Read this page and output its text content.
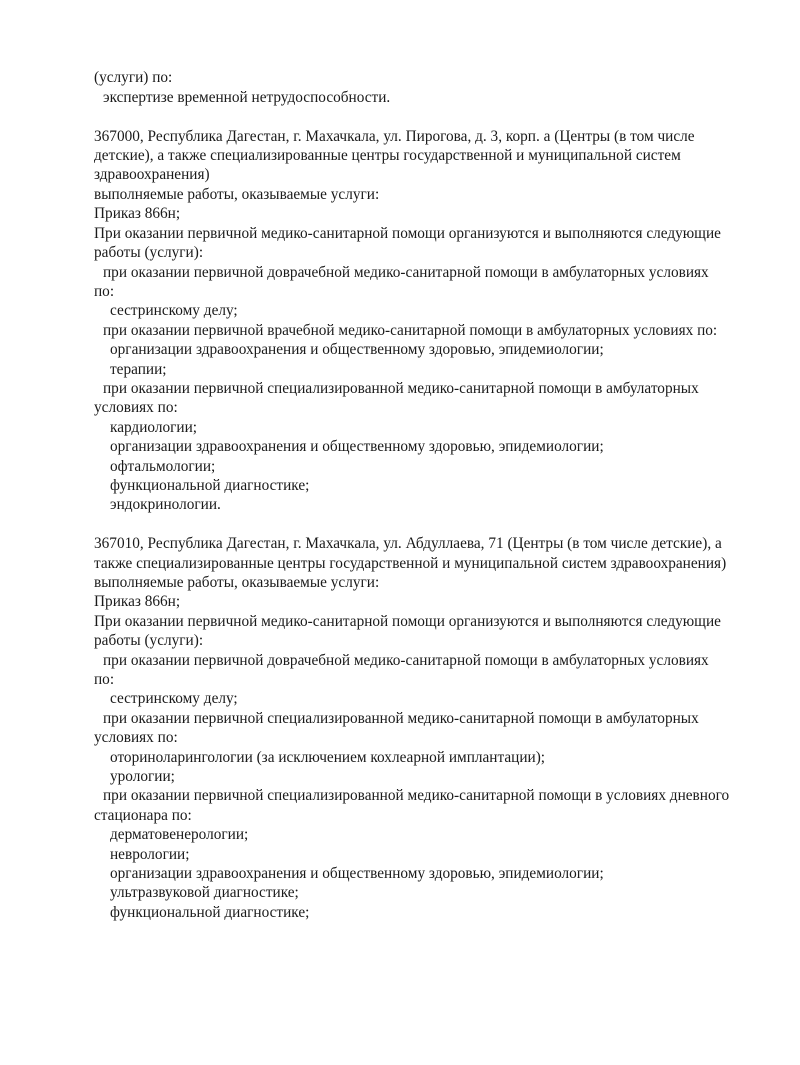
(услуги) по:
экспертизе временной нетрудоспособности.
367000, Республика Дагестан, г. Махачкала, ул. Пирогова, д. 3, корп. а (Центры (в том числе
детские), а также специализированные центры государственной и муниципальной систем
здравоохранения)
выполняемые работы, оказываемые услуги:
Приказ 866н;
При оказании первичной медико-санитарной помощи организуются и выполняются следующие
работы (услуги):
при оказании первичной доврачебной медико-санитарной помощи в амбулаторных условиях
по:
сестринскому делу;
при оказании первичной врачебной медико-санитарной помощи в амбулаторных условиях по:
организации здравоохранения и общественному здоровью, эпидемиологии;
терапии;
при оказании первичной специализированной медико-санитарной помощи в амбулаторных
условиях по:
кардиологии;
организации здравоохранения и общественному здоровью, эпидемиологии;
офтальмологии;
функциональной диагностике;
эндокринологии.
367010, Республика Дагестан, г. Махачкала, ул. Абдуллаева, 71 (Центры (в том числе детские), а
также специализированные центры государственной и муниципальной систем здравоохранения)
выполняемые работы, оказываемые услуги:
Приказ 866н;
При оказании первичной медико-санитарной помощи организуются и выполняются следующие
работы (услуги):
при оказании первичной доврачебной медико-санитарной помощи в амбулаторных условиях
по:
сестринскому делу;
при оказании первичной специализированной медико-санитарной помощи в амбулаторных
условиях по:
оториноларингологии (за исключением кохлеарной имплантации);
урологии;
при оказании первичной специализированной медико-санитарной помощи в условиях дневного
стационара по:
дерматовенерологии;
неврологии;
организации здравоохранения и общественному здоровью, эпидемиологии;
ультразвуковой диагностике;
функциональной диагностике;
